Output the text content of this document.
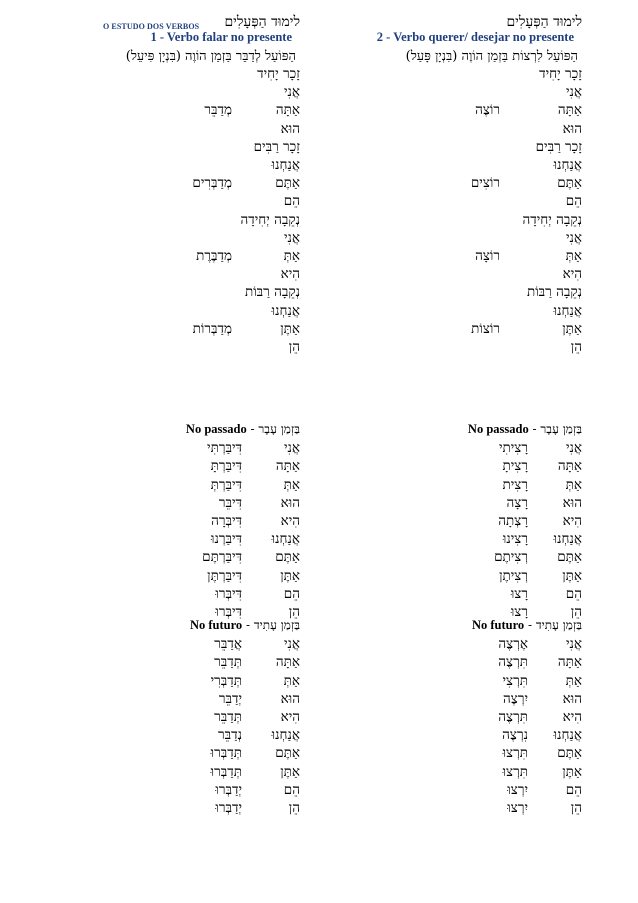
לימוּד הַפְּעָלִים
O ESTUDO DOS VERBOS
1 - Verbo falar no presente
הַפּוֹעַל לְדַבֵּר בַּזְמַן הוֹוֶה (בִּנְיָן פִּיעֵל)
זָכָר יָחִיד
אֲנִי
אַתָּה
מְדַבֵּר
הוּא
זָכָר רַבִּים
אֲנַחְנוּ
אַתֶּם
מְדַבְּרִים
הֵם
נְקֵבָה יְחִידָה
אֲנִי
אַתְּ
מְדַבֶּרֶת
הִיא
נְקֵבָה רַבּוֹת
אֲנַחְנוּ
אַתֶּן
מְדַבְּרוֹת
הֵן
בַּזְמַן עָבָר - No passado
אֲנִי
דִּיבַּרְתִּי
אַתָּה
דִּיבַּרְתָּ
אַתְּ
דִּיבַּרְתְּ
הוּא
דִּיבֵּר
הִיא
דִּיבְּרָה
אֲנַחְנוּ
דִּיבַּרְנוּ
אַתֶּם
דִּיבַּרְתֶּם
אַתֶּן
דִּיבַּרְתֶּן
הֵם
דִּיבְּרוּ
הֵן
דִּיבְּרוּ
בַּזְמַן עָתִיד - No futuro
אֲנִי
אֲדַבֵּר
אַתָּה
תְּדַבֵּר
אַתְּ
תְּדַבְּרִי
הוּא
יְדַבֵּר
הִיא
תְּדַבֵּר
אֲנַחְנוּ
נְדַבֵּר
אַתֶּם
תְּדַבְּרוּ
אַתֶּן
תְּדַבְּרוּ
הֵם
יְדַבְּרוּ
הֵן
יְדַבְּרוּ
לימוּד הַפְּעָלִים
2 - Verbo querer/ desejar no presente
הַפּוֹעַל לִרְצוֹת בַּזְמַן הוֹוֶה (בִּנְיָן פָּעַל)
זָכָר יָחִיד
אֲנִי
אַתָּה
רוֹצֶה
הוּא
זָכָר רַבִּים
אֲנַחְנוּ
אַתֶּם
רוֹצִים
הֵם
נְקֵבָה יְחִידָה
אֲנִי
אַתְּ
רוֹצָה
הִיא
נְקֵבָה רַבּוֹת
אֲנַחְנוּ
אַתֶּן
רוֹצוֹת
הֵן
בַּזְמַן עָבָר - No passado
אֲנִי
רָצִיתִי
אַתָּה
רָצִיתָ
אַתְּ
רָצִית
הוּא
רָצָה
הִיא
רָצְתָה
אֲנַחְנוּ
רָצִינוּ
אַתֶּם
רְצִיתֶם
אַתֶּן
רְצִיתֶן
הֵם
רָצוּ
הֵן
רָצוּ
בַּזְמַן עָתִיד - No futuro
אֲנִי
אֶרְצֶה
אַתָּה
תִּרְצֶה
אַתְּ
תִּרְצִי
הוּא
יִרְצֶה
הִיא
תִּרְצֶה
אֲנַחְנוּ
נִרְצֶה
אַתֶּם
תִּרְצוּ
אַתֶּן
תִּרְצוּ
הֵם
יִרְצוּ
הֵן
יִרְצוּ
